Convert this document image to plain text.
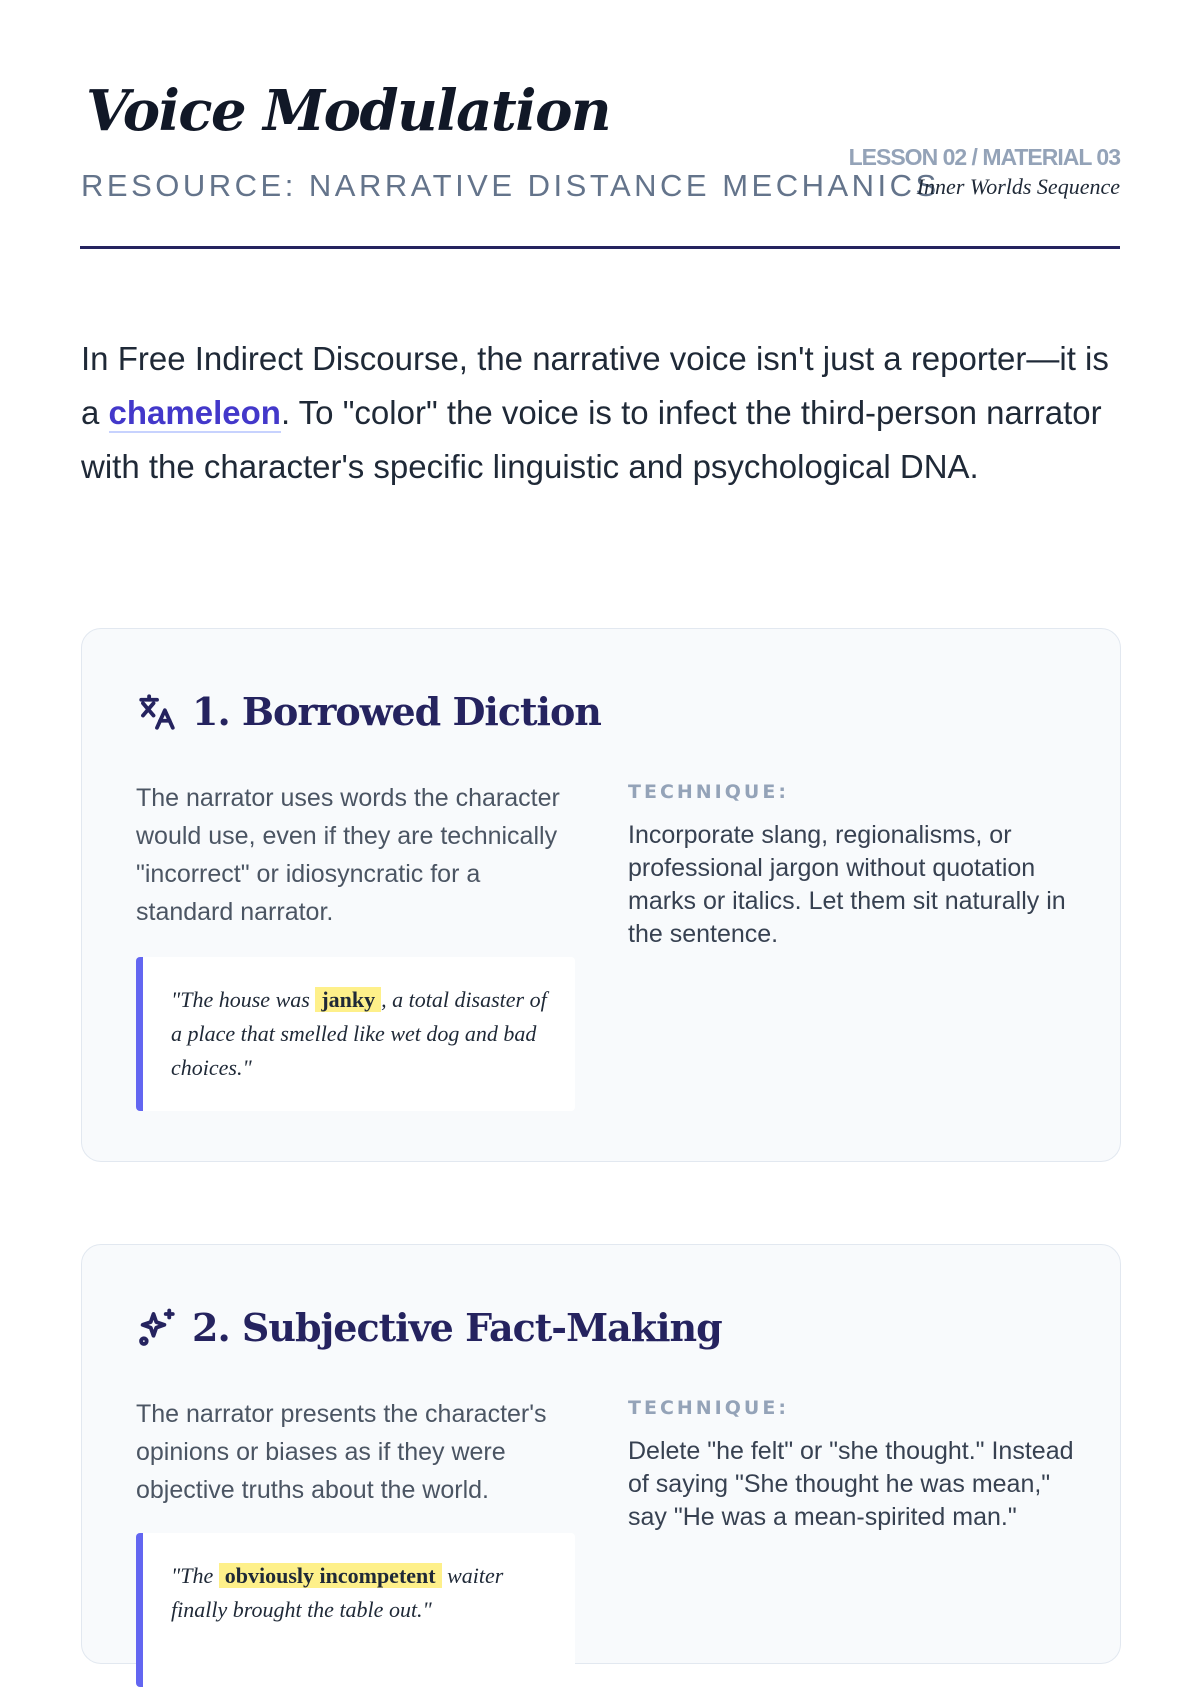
Voice Modulation
RESOURCE: NARRATIVE DISTANCE MECHANICS
LESSON 02 / MATERIAL 03
Inner Worlds Sequence

In Free Indirect Discourse, the narrative voice isn't just a reporter—it is a chameleon. To "color" the voice is to infect the third-person narrator with the character's specific linguistic and psychological DNA.

1. Borrowed Diction

The narrator uses words the character would use, even if they are technically "incorrect" or idiosyncratic for a standard narrator.

"The house was janky , a total disaster of a place that smelled like wet dog and bad choices."
TECHNIQUE:

Incorporate slang, regionalisms, or professional jargon without quotation marks or italics. Let them sit naturally in the sentence.

2. Subjective Fact-Making

The narrator presents the character's opinions or biases as if they were objective truths about the world.

"The obviously incompetent waiter finally brought the table out."
TECHNIQUE:

Delete "he felt" or "she thought." Instead of saying "She thought he was mean," say "He was a mean-spirited man."
